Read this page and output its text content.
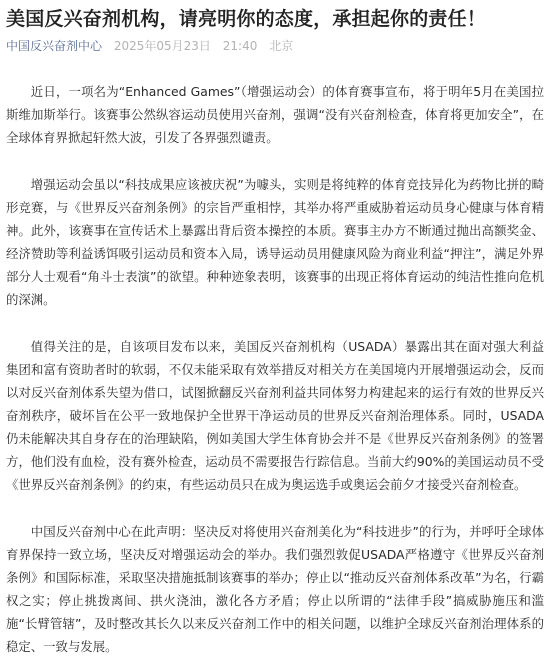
美国反兴奋剂机构，请亮明你的态度，承担起你的责任！
中国反兴奋剂中心 2025年05月23日 21:40 北京

近日，一项名为“Enhanced Games”（增强运动会）的体育赛事宣布，将于明年5月在美国拉斯维加斯举行。该赛事公然纵容运动员使用兴奋剂，强调“没有兴奋剂检查，体育将更加安全”，在全球体育界掀起轩然大波，引发了各界强烈谴责。

增强运动会虽以“科技成果应该被庆祝”为噱头，实则是将纯粹的体育竞技异化为药物比拼的畸形竞赛，与《世界反兴奋剂条例》的宗旨严重相悖，其举办将严重威胁着运动员身心健康与体育精神。此外，该赛事在宣传话术上暴露出背后资本操控的本质。赛事主办方不断通过抛出高额奖金、经济赞助等利益诱饵吸引运动员和资本入局，诱导运动员用健康风险为商业利益“押注”，满足外界部分人士观看“角斗士表演”的欲望。种种迹象表明，该赛事的出现正将体育运动的纯洁性推向危机的深渊。

值得关注的是，自该项目发布以来，美国反兴奋剂机构（USADA）暴露出其在面对强大利益集团和富有资助者时的软弱，不仅未能采取有效举措反对相关方在美国境内开展增强运动会，反而以对反兴奋剂体系失望为借口，试图掀翻反兴奋剂利益共同体努力构建起来的运行有效的世界反兴奋剂秩序，破坏旨在公平一致地保护全世界干净运动员的世界反兴奋剂治理体系。同时，USADA仍未能解决其自身存在的治理缺陷，例如美国大学生体育协会并不是《世界反兴奋剂条例》的签署方，他们没有血检，没有赛外检查，运动员不需要报告行踪信息。当前大约90%的美国运动员不受《世界反兴奋剂条例》的约束，有些运动员只在成为奥运选手或奥运会前夕才接受兴奋剂检查。

中国反兴奋剂中心在此声明：坚决反对将使用兴奋剂美化为“科技进步”的行为，并呼吁全球体育界保持一致立场，坚决反对增强运动会的举办。我们强烈敦促USADA严格遵守《世界反兴奋剂条例》和国际标准，采取坚决措施抵制该赛事的举办；停止以“推动反兴奋剂体系改革”为名，行霸权之实；停止挑拨离间、拱火浇油，激化各方矛盾；停止以所谓的“法律手段”搞威胁施压和滥施“长臂管辖”，及时整改其长久以来反兴奋剂工作中的相关问题，以维护全球反兴奋剂治理体系的稳定、一致与发展。
